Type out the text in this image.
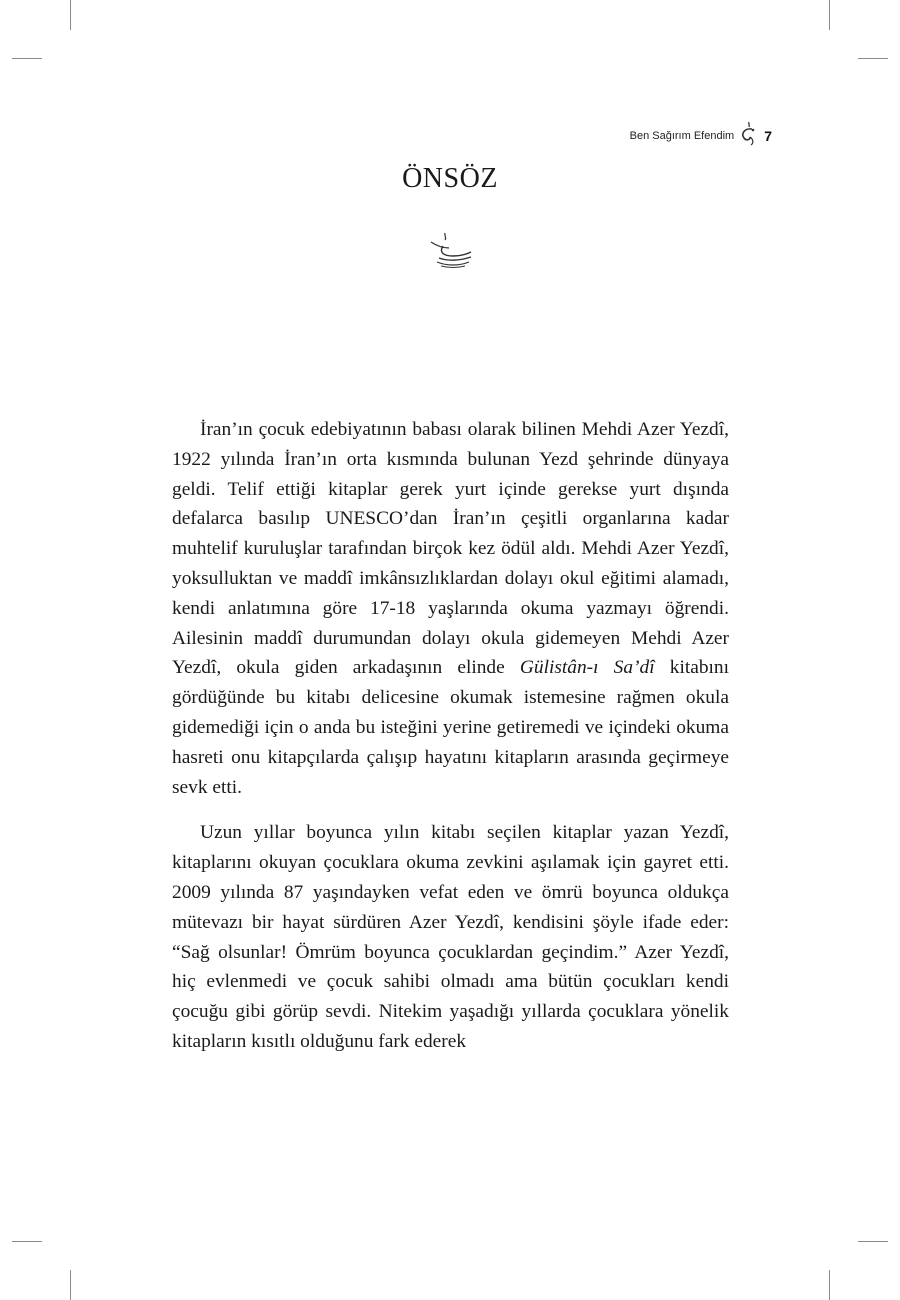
Ben Sağırım Efendim 7
ÖNSÖZ

İran’ın çocuk edebiyatının babası olarak bilinen Mehdi Azer Yezdî, 1922 yılında İran’ın orta kısmında bulunan Yezd şehrinde dünyaya geldi. Telif ettiği kitaplar gerek yurt içinde gerekse yurt dışında defalarca basılıp UNESCO’dan İran’ın çeşitli organlarına kadar muhtelif kuruluşlar tarafından birçok kez ödül aldı. Mehdi Azer Yezdî, yoksulluktan ve maddî imkânsızlıklardan dolayı okul eğitimi alamadı, kendi anlatımına göre 17-18 yaşlarında okuma yazmayı öğrendi. Ailesinin maddî durumundan dolayı okula gidemeyen Mehdi Azer Yezdî, okula giden arkadaşının elinde Gülistân-ı Sa’dî kitabını gördüğünde bu kitabı delicesine okumak istemesine rağmen okula gidemediği için o anda bu isteğini yerine getiremedi ve içindeki okuma hasreti onu kitapçılarda çalışıp hayatını kitapların arasında geçirmeye sevk etti.

Uzun yıllar boyunca yılın kitabı seçilen kitaplar yazan Yezdî, kitaplarını okuyan çocuklara okuma zevkini aşılamak için gayret etti. 2009 yılında 87 yaşındayken vefat eden ve ömrü boyunca oldukça mütevazı bir hayat sürdüren Azer Yezdî, kendisini şöyle ifade eder: “Sağ olsunlar! Ömrüm boyunca çocuklardan geçindim.” Azer Yezdî, hiç evlenmedi ve çocuk sahibi olmadı ama bütün çocukları kendi çocuğu gibi görüp sevdi. Nitekim yaşadığı yıllarda çocuklara yönelik kitapların kısıtlı olduğunu fark ederek
